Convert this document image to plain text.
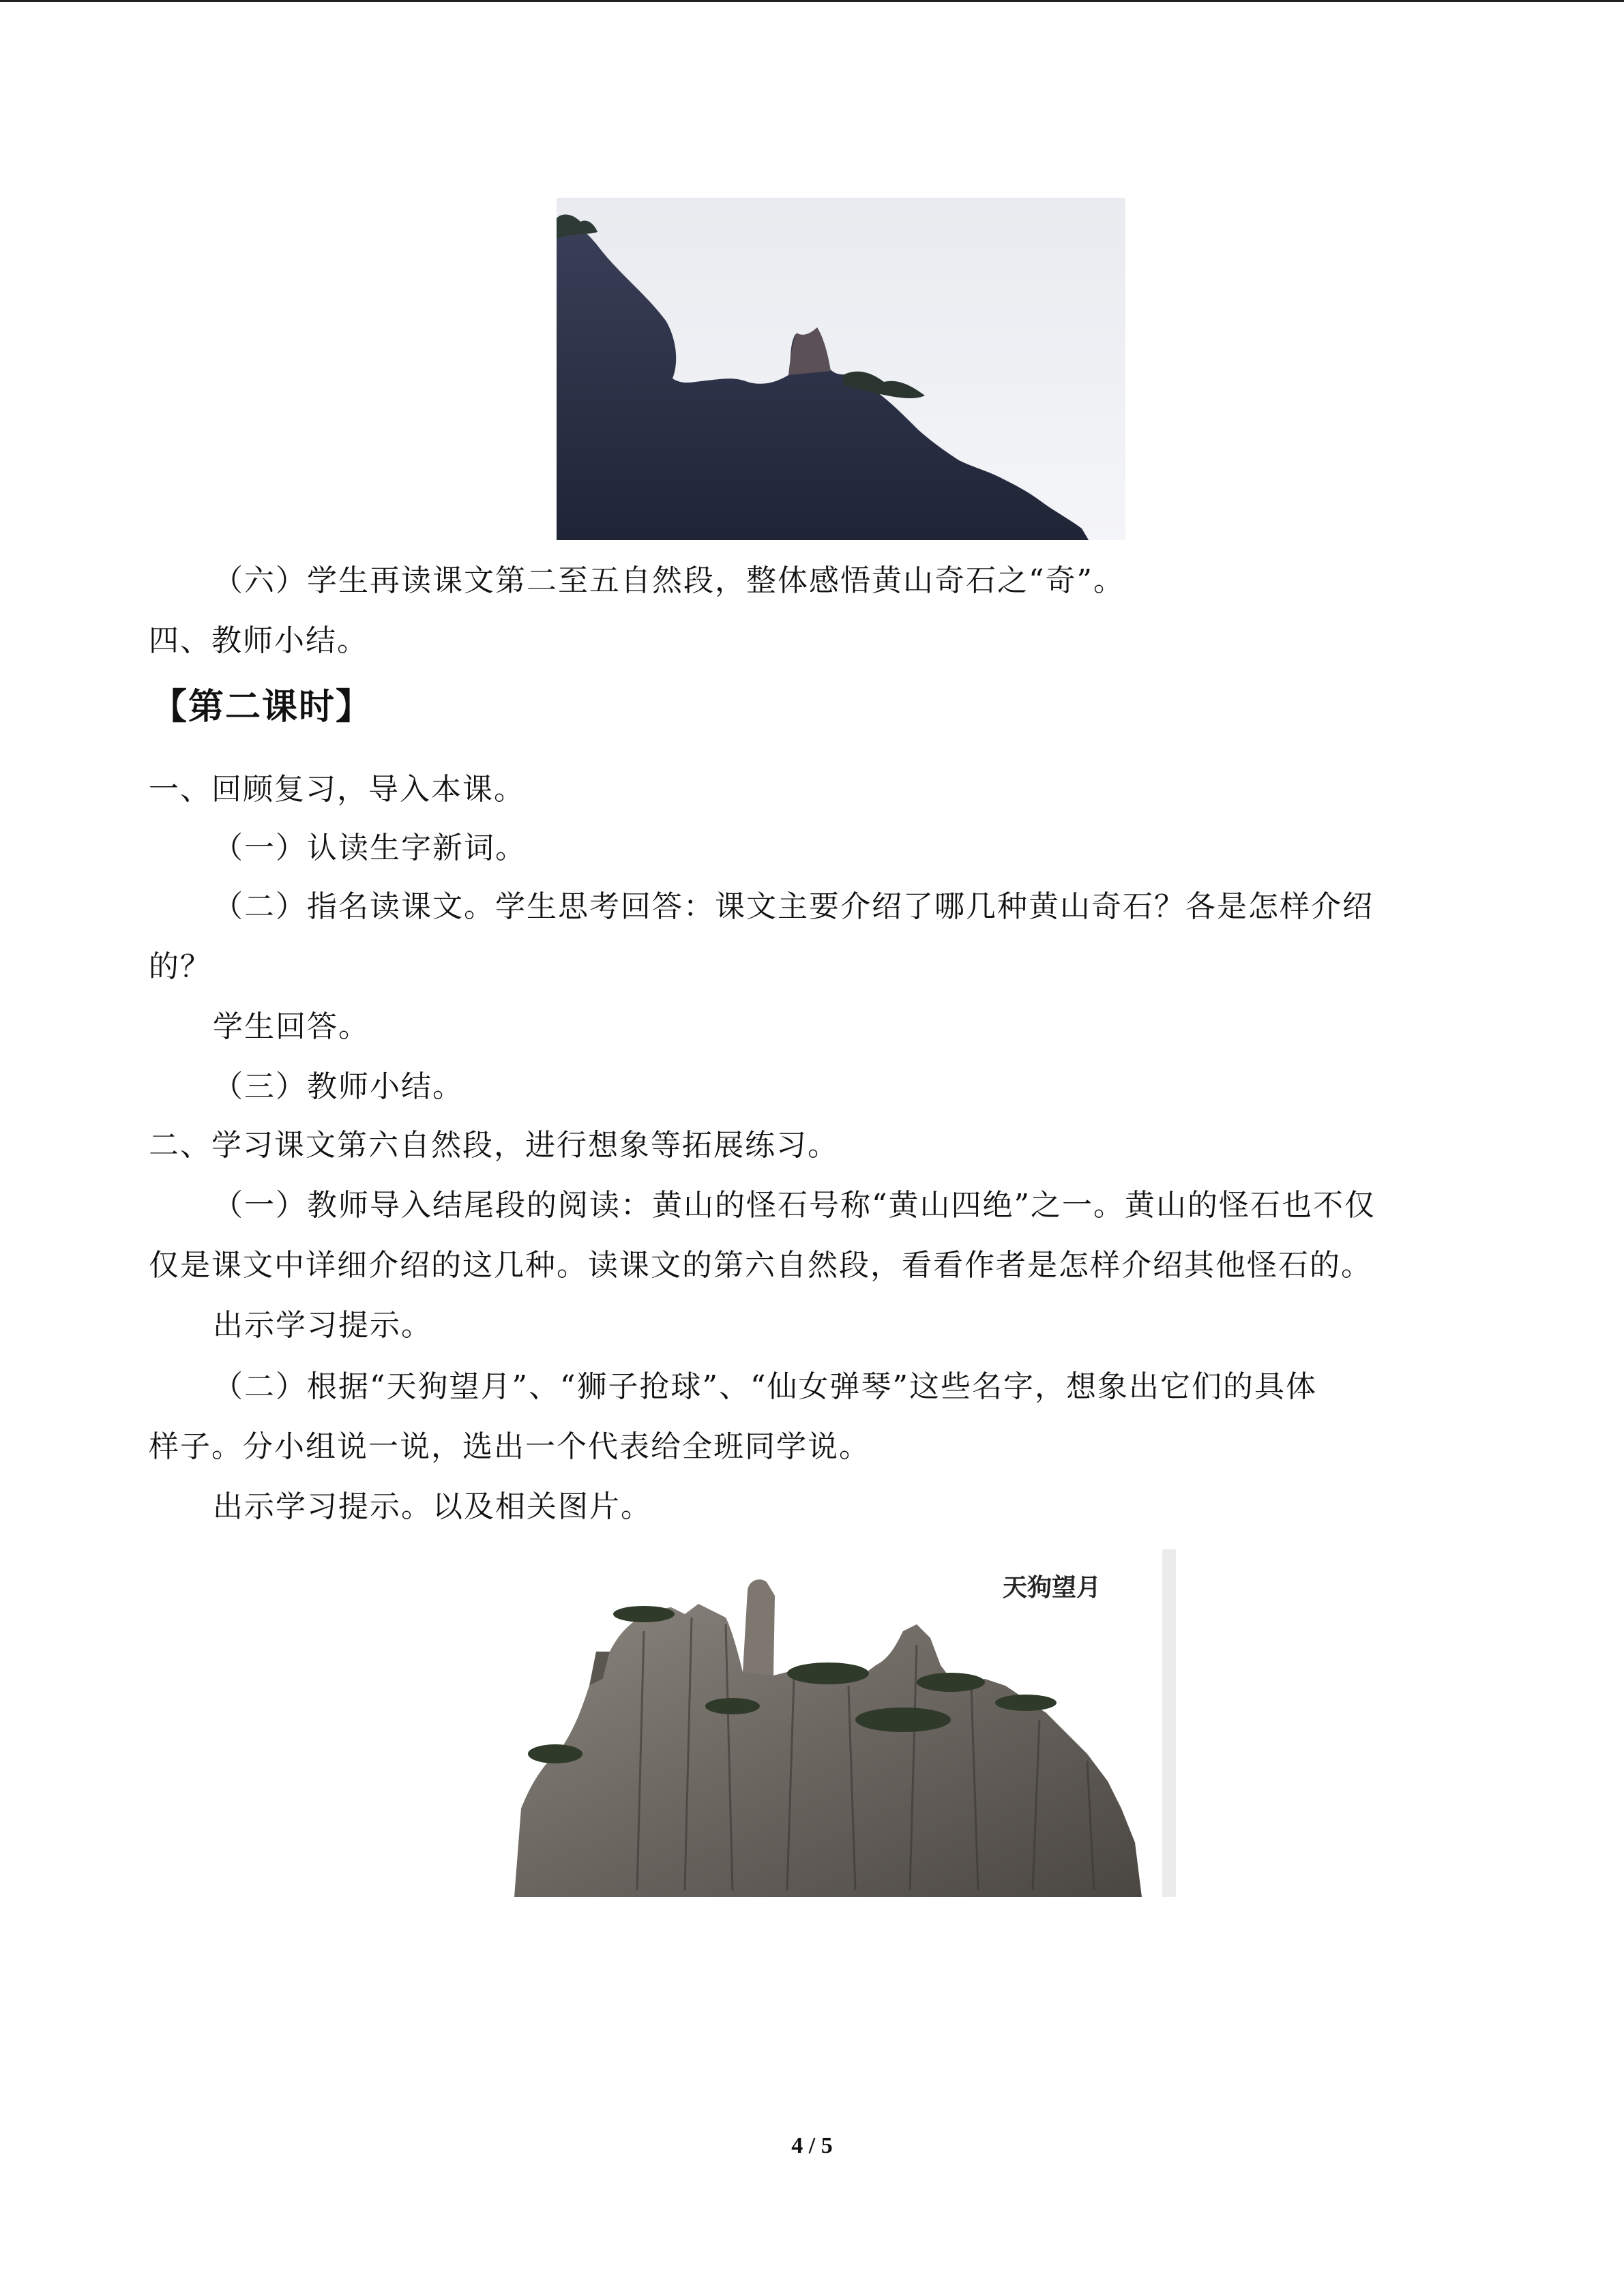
（六）学生再读课文第二至五自然段，整体感悟黄山奇石之“奇”。

四、教师小结。

【第二课时】

一、回顾复习，导入本课。

（一）认读生字新词。

（二）指名读课文。学生思考回答：课文主要介绍了哪几种黄山奇石？各是怎样介绍

的？

学生回答。

（三）教师小结。

二、学习课文第六自然段，进行想象等拓展练习。

（一）教师导入结尾段的阅读：黄山的怪石号称“黄山四绝”之一。黄山的怪石也不仅

仅是课文中详细介绍的这几种。读课文的第六自然段，看看作者是怎样介绍其他怪石的。

出示学习提示。

（二）根据“天狗望月”、“狮子抢球”、“仙女弹琴”这些名字，想象出它们的具体

样子。分小组说一说，选出一个代表给全班同学说。

出示学习提示。以及相关图片。

天狗望月
4 / 5
